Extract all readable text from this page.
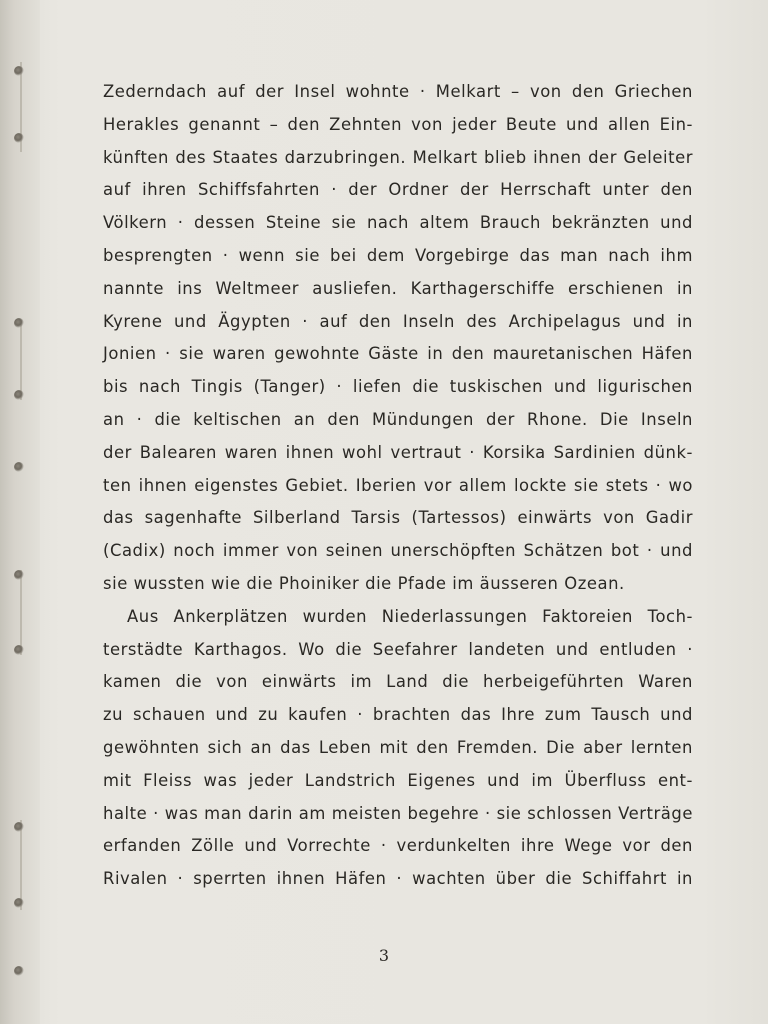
Zederndach auf der Insel wohnte · Melkart – von den Griechen
Herakles genannt – den Zehnten von jeder Beute und allen Ein-
künften des Staates darzubringen. Melkart blieb ihnen der Geleiter
auf ihren Schiffsfahrten · der Ordner der Herrschaft unter den
Völkern · dessen Steine sie nach altem Brauch bekränzten und
besprengten · wenn sie bei dem Vorgebirge das man nach ihm
nannte ins Weltmeer ausliefen. Karthagerschiffe erschienen in
Kyrene und Ägypten · auf den Inseln des Archipelagus und in
Jonien · sie waren gewohnte Gäste in den mauretanischen Häfen
bis nach Tingis (Tanger) · liefen die tuskischen und ligurischen
an · die keltischen an den Mündungen der Rhone. Die Inseln
der Balearen waren ihnen wohl vertraut · Korsika Sardinien dünk-
ten ihnen eigenstes Gebiet. Iberien vor allem lockte sie stets · wo
das sagenhafte Silberland Tarsis (Tartessos) einwärts von Gadir
(Cadix) noch immer von seinen unerschöpften Schätzen bot · und
sie wussten wie die Phoiniker die Pfade im äusseren Ozean.
Aus Ankerplätzen wurden Niederlassungen Faktoreien Toch-
terstädte Karthagos. Wo die Seefahrer landeten und entluden ·
kamen die von einwärts im Land die herbeigeführten Waren
zu schauen und zu kaufen · brachten das Ihre zum Tausch und
gewöhnten sich an das Leben mit den Fremden. Die aber lernten
mit Fleiss was jeder Landstrich Eigenes und im Überfluss ent-
halte · was man darin am meisten begehre · sie schlossen Verträge
erfanden Zölle und Vorrechte · verdunkelten ihre Wege vor den
Rivalen · sperrten ihnen Häfen · wachten über die Schiffahrt in
3
